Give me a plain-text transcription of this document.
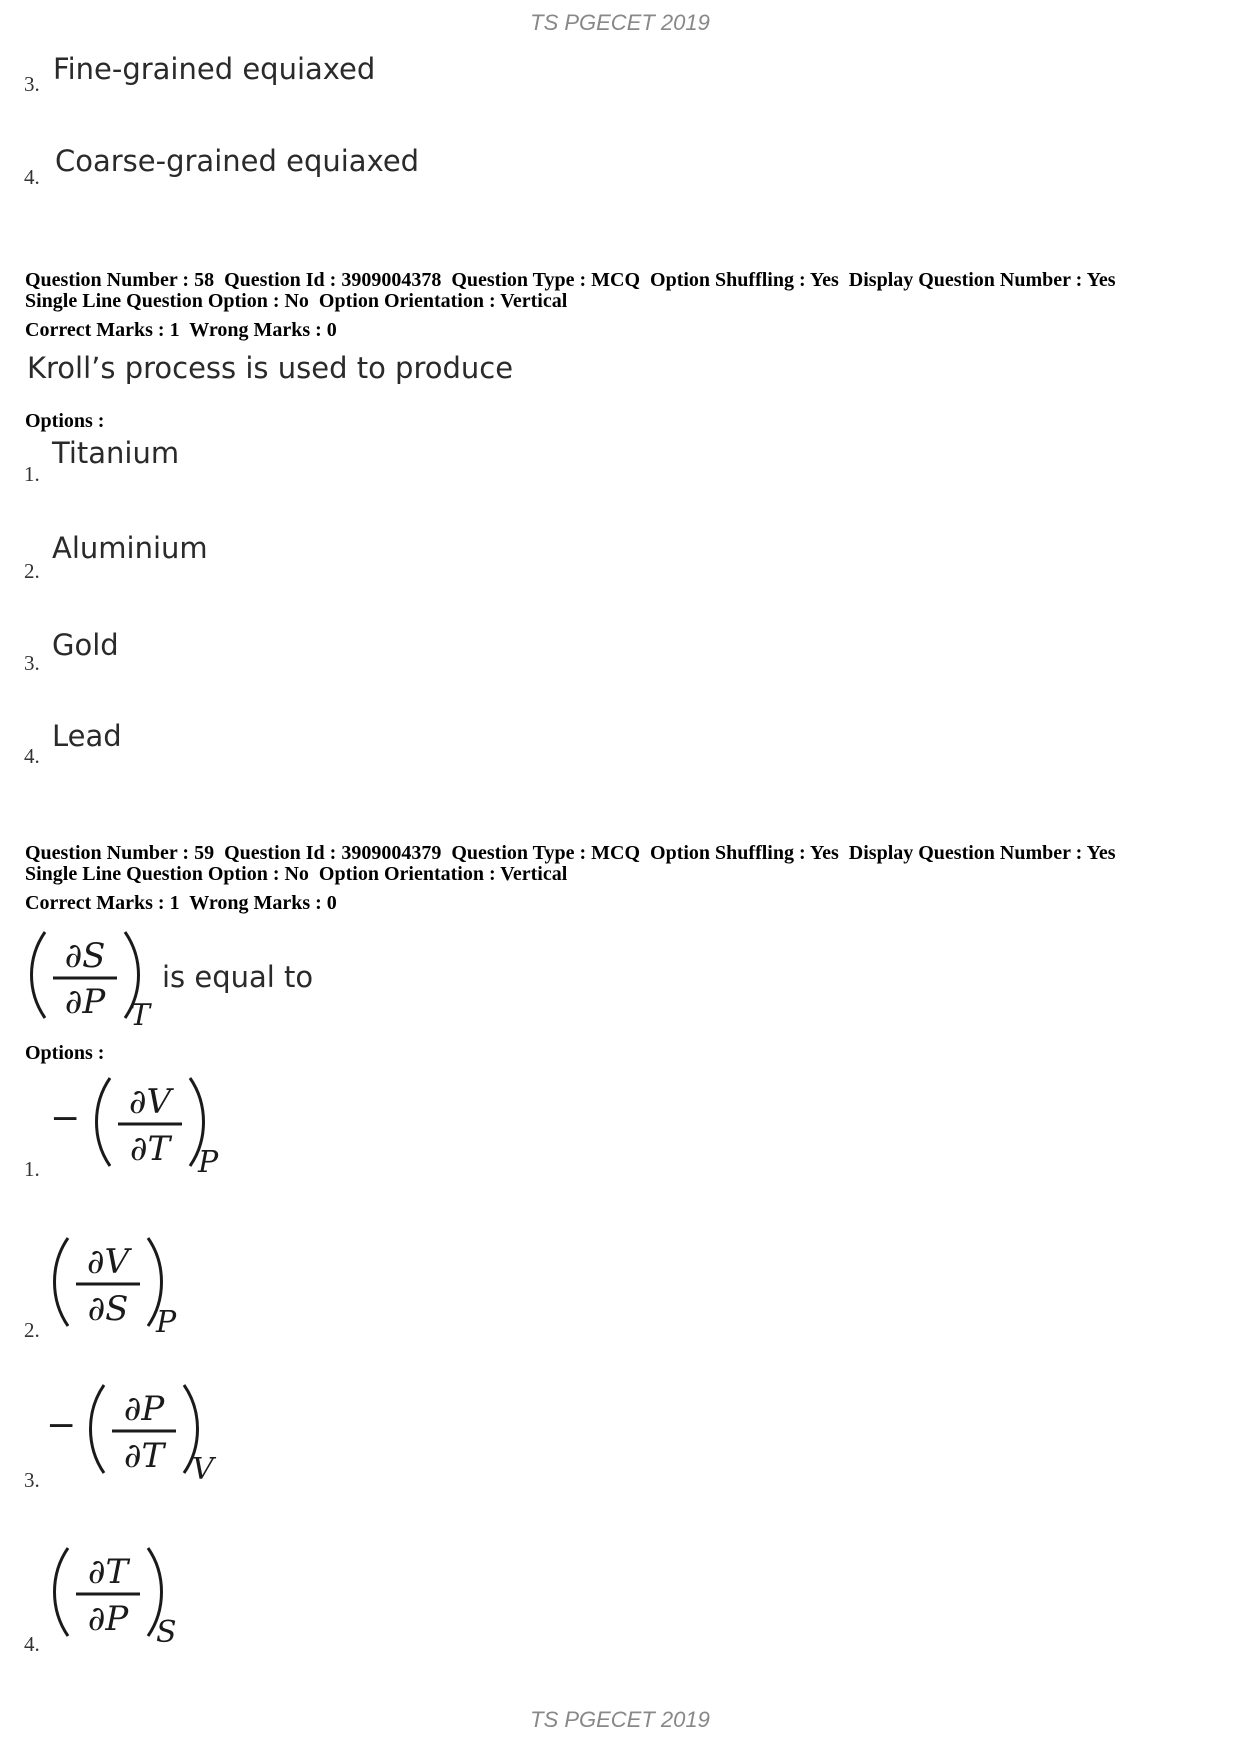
TS PGECET 2019
3. Fine-grained equiaxed
4. Coarse-grained equiaxed
Question Number : 58  Question Id : 3909004378  Question Type : MCQ  Option Shuffling : Yes  Display Question Number : Yes
Single Line Question Option : No  Option Orientation : Vertical
Correct Marks : 1  Wrong Marks : 0
Kroll’s process is used to produce
Options :
1.
Titanium
2.
Aluminium
3.
Gold
4.
Lead
Question Number : 59  Question Id : 3909004379  Question Type : MCQ  Option Shuffling : Yes  Display Question Number : Yes
Single Line Question Option : No  Option Orientation : Vertical
Correct Marks : 1  Wrong Marks : 0
∂S
∂P T
is equal to
Options :
1.
− ∂V
∂T P
2.
∂V
∂S P
3.
− ∂P
∂T V
4.
∂T
∂P S
TS PGECET 2019
